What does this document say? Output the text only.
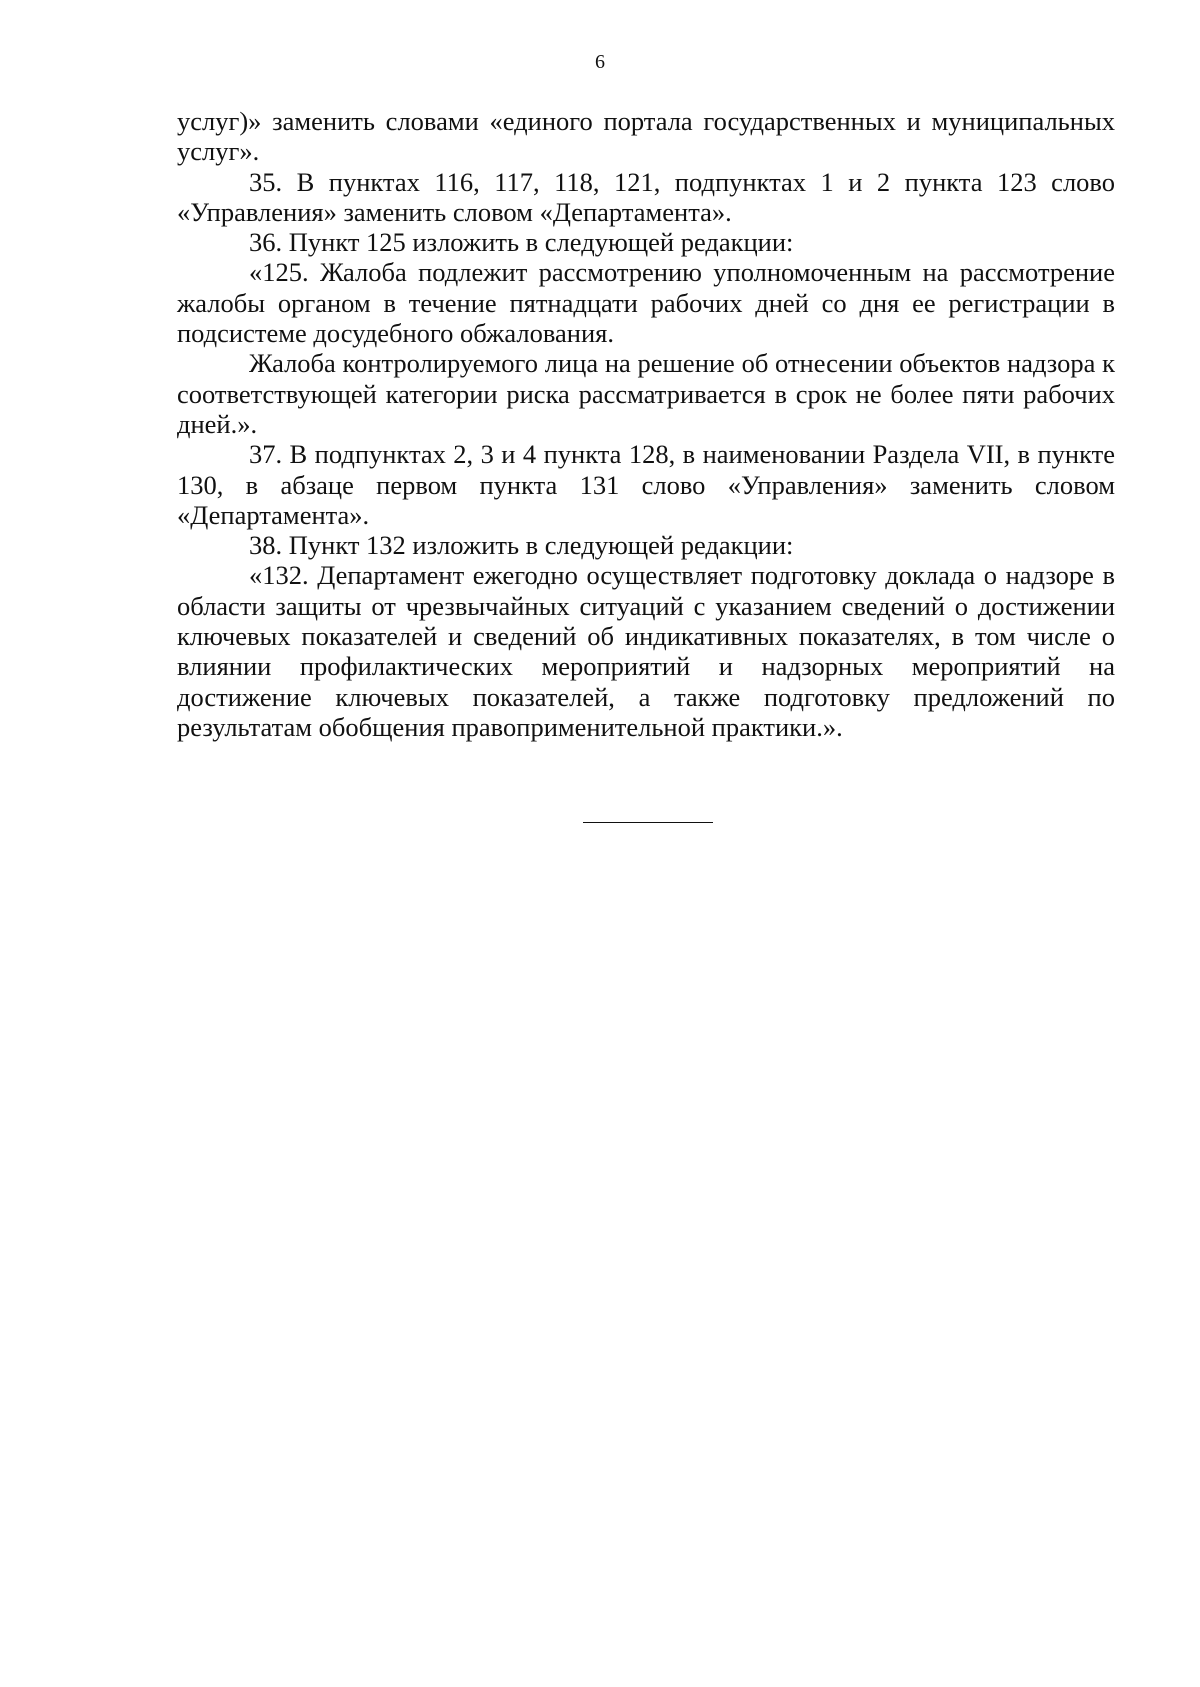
6

услуг)» заменить словами «единого портала государственных и муниципальных услуг».

35. В пунктах 116, 117, 118, 121, подпунктах 1 и 2 пункта 123 слово «Управления» заменить словом «Департамента».

36. Пункт 125 изложить в следующей редакции:

«125. Жалоба подлежит рассмотрению уполномоченным на рассмотрение жалобы органом в течение пятнадцати рабочих дней со дня ее регистрации в подсистеме досудебного обжалования.

Жалоба контролируемого лица на решение об отнесении объектов надзора к соответствующей категории риска рассматривается в срок не более пяти рабочих дней.».

37. В подпунктах 2, 3 и 4 пункта 128, в наименовании Раздела VII, в пункте 130, в абзаце первом пункта 131 слово «Управления» заменить словом «Департамента».

38. Пункт 132 изложить в следующей редакции:

«132. Департамент ежегодно осуществляет подготовку доклада о надзоре в области защиты от чрезвычайных ситуаций с указанием сведений о достижении ключевых показателей и сведений об индикативных показателях, в том числе о влиянии профилактических мероприятий и надзорных мероприятий на достижение ключевых показателей, а также подготовку предложений по результатам обобщения правоприменительной практики.».
